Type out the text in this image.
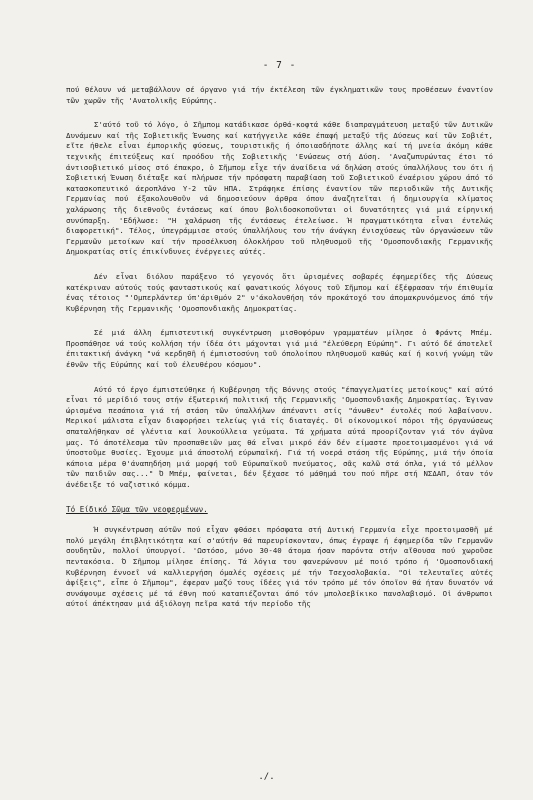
- 7 -

πού θέλουν νά μεταβάλλουν σέ όργανο γιά τήν έκτέλεση τῶν έγκληματικῶν τους προθέσεων έναντίον τῶν χωρῶν τῆς 'Ανατολικῆς Εύρώπης.

Σ'αύτό τοῦ τό λόγο, ὁ Σῆμπομ κατάδικασε όρθά-κοφτά κάθε διαπραγμάτευση μεταξύ τῶν Δυτικῶν Δυνάμεων καί τῆς Σοβιετικῆς Ένωσης καί κατήγγειλε κάθε έπαφή μεταξύ τῆς Δύσεως καί τῶν Σοβιέτ, εἴτε ήθελε εἶναι έμπορικῆς φύσεως, τουριστικῆς ή όποιασδήποτε άλλης καί τή μνεία άκόμη κάθε τεχνικῆς έπιτεύξεως καί προόδου τῆς Σοβιετικῆς 'Ενώσεως στή Δύση. 'Αναζωπυρώντας έτσι τό άντισοβιετικό μίσος στό έπακρο, ὁ Σῆμπομ εἶχε τήν άναίδεια νά δηλώση στούς ύπαλλήλους του ότι ή Σοβιετική Ένωση διέταξε καί πλήρωσε τήν πρόσφατη παραβίαση τοῦ Σοβιετικοῦ έναέριου χώρου άπό τό κατασκοπευτικό άεροπλάνο Υ-2 τῶν ΗΠΑ. Στράφηκε έπίσης έναντίον τῶν περιοδικῶν τῆς Δυτικῆς Γερμανίας πού έξακολουθοῦν νά δημοσιεύουν άρθρα όπου άναζητεῖται ή δημιουργία κλίματος χαλάρωσης τῆς διεθνοῦς έντάσεως καί όπου βολιδοσκοποῦνται οἱ δυνατότητες γιά μιά είρηνική συνύπαρξη. 'Εδήλωσε: "Η χαλάρωση τῆς έντάσεως έτελείωσε. Ή πραγματικότητα εἶναι έντελώς διαφορετική". Τέλος, ύπεγράμμισε στούς ύπαλλήλους του τήν άνάγκη ένισχύσεως τῶν όργανώσεων τῶν Γερμανῶν μετοίκων καί τήν προσέλκυση όλοκλήρου τοῦ πληθυσμοῦ τῆς 'Ομοσπονδιακῆς Γερμανικῆς Δημοκρατίας στίς έπικίνδυνες ένέργειες αύτές.

Δέν εἶναι διόλου παράξενο τό γεγονός ὅτι ὡρισμένες σοβαρές έφημερίδες τῆς Δύσεως κατέκριναν αύτούς τούς φανταστικούς καί φανατικούς λόγους τοῦ Σῆμπομ καί έξέφρασαν τήν έπιθυμία ένας τέτοιος "'Ομπερλάντερ ύπ'άριθμόν 2" ν'άκολουθήση τόν προκάτοχό του άπομακρυνόμενος άπό τήν Κυβέρνηση τῆς Γερμανικῆς 'Ομοσπονδιακῆς Δημοκρατίας.

Σέ μιά άλλη έμπιστευτική συγκέντρωση μισθοφόρων γραμματέων μίλησε ὁ Φράντς Μπέμ. Προσπάθησε νά τούς κολλήση τήν ίδέα ότι μάχονται γιά μιά "έλεύθερη Εύρώπη". Γι αύτό δέ άποτελεῖ έπιτακτική άνάγκη "νά κερδηθῆ ή έμπιστοσύνη τοῦ όπολοίπου πληθυσμοῦ καθώς καί ή κοινή γνώμη τῶν έθνῶν τῆς Εύρώπης καί τοῦ έλευθέρου κόσμου".

Αύτό τό έργο έμπιστεύθηκε ή Κυβέρνηση τῆς Βόννης στούς "έπαγγελματίες μετοίκους" καί αύτό εἶναι τό μερίδιό τους στήν έξωτερική πολιτική τῆς Γερμανικῆς 'Ομοσπονδιακῆς Δημοκρατίας. Έγιναν ώρισμένα πεσάποια γιά τή στάση τῶν ύπαλλήλων άπέναντι στίς "άνωθεν" έντολές πού λαβαίνουν. Μερικοί μάλιστα εἶχαν διαφορήσει τελείως γιά τίς διαταγές. Οἱ οίκονομικοί πόροι τῆς όργανώσεως σπαταλήθηκαν σέ γλέντια καί λουκούλλεια γεύματα. Τά χρήματα αύτά προορίζονταν γιά τόν άγῶνα μας. Τό άποτέλεσμα τῶν προσπαθειῶν μας θά εἶναι μικρό έάν δέν είμαστε προετοιμασμένοι γιά νά ύποστοῦμε θυσίες. Έχουμε μιά άποστολή εύρωπαϊκή. Γιά τή νοερά στάση τῆς Εύρώπης, μιά τήν όποία κάποια μέρα θ'άναπηδήση μιά μορφή τοῦ Εύρωπαϊκοῦ πνεύματος, σᾶς καλῶ στά όπλα, γιά τό μέλλον τῶν παιδιῶν σας..." Ό Μπέμ, φαίνεται, δέν ξέχασε τό μάθημά του πού πῆρε στή ΝΣΔΑΠ, όταν τόν άνέδειξε τό ναζιστικό κόμμα.

Τό Είδικό Σῶμα τῶν νεοφερμένων.

Ή συγκέντρωση αύτῶν πού εἶχαν φθάσει πρόσφατα στή Δυτική Γερμανία εἶχε προετοιμασθῆ μέ πολύ μεγάλη έπιβλητικότητα καί σ'αύτήν θά παρευρίσκονταν, όπως έγραψε ή έφημερίδα τῶν Γερμανῶν σουδητῶν, πολλοί ύπουργοί. 'Ωστόσο, μόνο 30-40 άτομα ήσαν παρόντα στήν αἴθουσα πού χωροῦσε πεντακόσια. Ό Σῆμπομ μίλησε έπίσης. Τά λόγια του φανερώνουν μέ ποιό τρόπο ή 'Ομοσπονδιακή Κυβέρνηση έννοεῖ νά καλλιεργήση όμαλές σχέσεις μέ τήν Τσεχοσλοβακία. "Οἱ τελευταῖες αὐτές ἀφίξεις", εἶπε ὁ Σῆμπομ", έφεραν μαζύ τους ίδέες γιά τόν τρόπο μέ τόν όποῖον θά ήταν δυνατόν νά συνάψουμε σχέσεις μέ τά έθνη πού καταπιέζονται άπό τόν μπολσεβίκικο πανσλαβισμό. Οἱ άνθρωποι αύτοί άπέκτησαν μιά άξιόλογη πεῖρα κατά τήν περίοδο τῆς

./.
